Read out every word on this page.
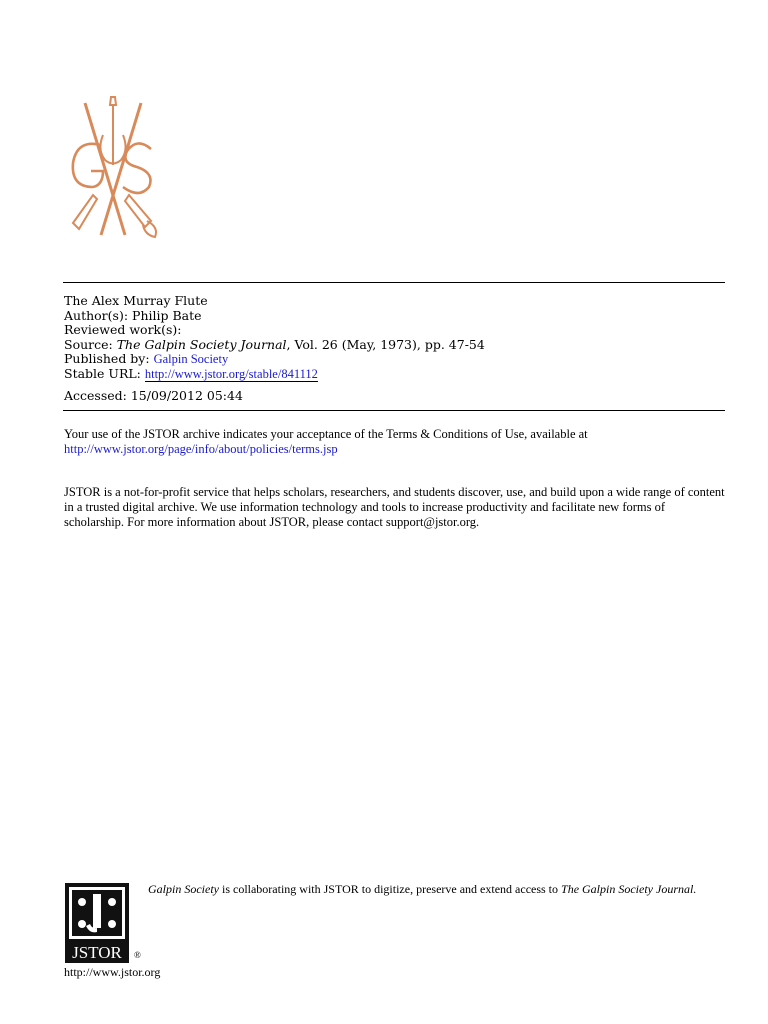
The Alex Murray Flute
Author(s): Philip Bate
Reviewed work(s):
Source: The Galpin Society Journal, Vol. 26 (May, 1973), pp. 47-54
Published by: Galpin Society
Stable URL: http://www.jstor.org/stable/841112
Accessed: 15/09/2012 05:44
Your use of the JSTOR archive indicates your acceptance of the Terms & Conditions of Use, available at
http://www.jstor.org/page/info/about/policies/terms.jsp
JSTOR is a not-for-profit service that helps scholars, researchers, and students discover, use, and build upon a wide range of content in a trusted digital archive. We use information technology and tools to increase productivity and facilitate new forms of scholarship. For more information about JSTOR, please contact support@jstor.org.
JSTOR ®
Galpin Society is collaborating with JSTOR to digitize, preserve and extend access to The Galpin Society Journal.
http://www.jstor.org
